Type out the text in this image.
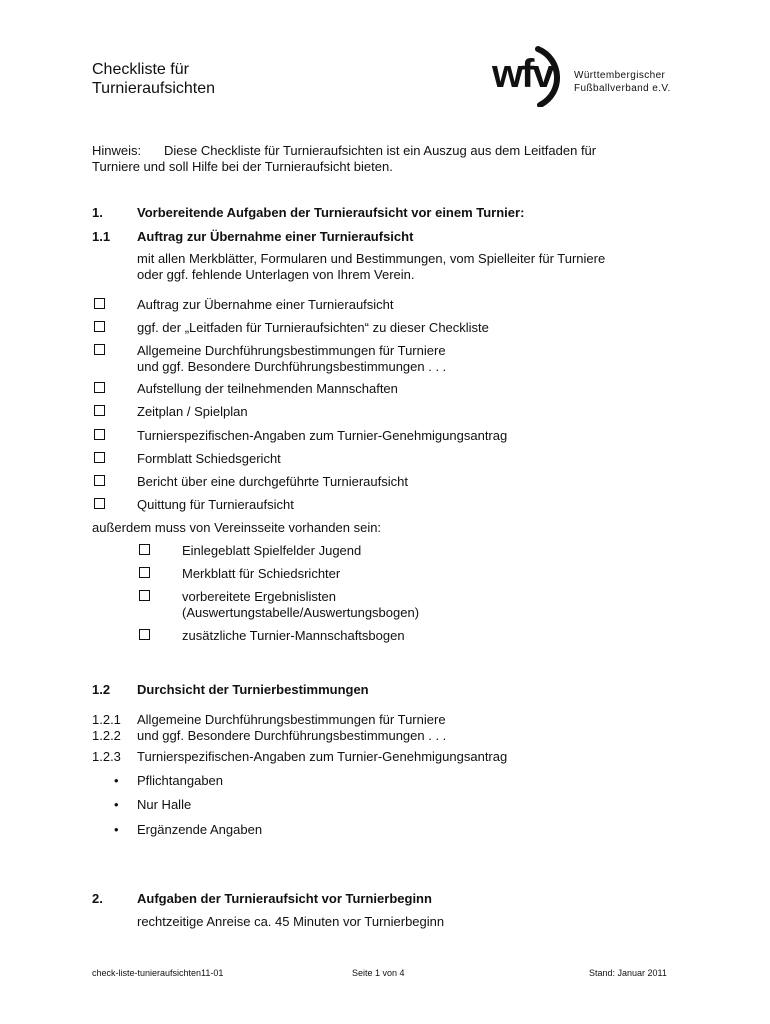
Checkliste für
Turnieraufsichten	wfv Württembergischer
Fußballverband e.V.
Hinweis: Diese Checkliste für Turnieraufsichten ist ein Auszug aus dem Leitfaden für
Turniere und soll Hilfe bei der Turnieraufsicht bieten.
1.	Vorbereitende Aufgaben der Turnieraufsicht vor einem Turnier:
1.1 Auftrag zur Übernahme einer Turnieraufsicht
mit allen Merkblätter, Formularen und Bestimmungen, vom Spielleiter für Turniere
oder ggf. fehlende Unterlagen von Ihrem Verein.
Auftrag zur Übernahme einer Turnieraufsicht
ggf. der „Leitfaden für Turnieraufsichten“ zu dieser Checkliste
Allgemeine Durchführungsbestimmungen für Turniere
und ggf. Besondere Durchführungsbestimmungen . . .
Aufstellung der teilnehmenden Mannschaften
Zeitplan / Spielplan
Turnierspezifischen-Angaben zum Turnier-Genehmigungsantrag
Formblatt Schiedsgericht
Bericht über eine durchgeführte Turnieraufsicht
Quittung für Turnieraufsicht
außerdem muss von Vereinsseite vorhanden sein:
Einlegeblatt Spielfelder Jugend
Merkblatt für Schiedsrichter
vorbereitete Ergebnislisten
(Auswertungstabelle/Auswertungsbogen)
zusätzliche Turnier-Mannschaftsbogen
1.2 Durchsicht der Turnierbestimmungen
1.2.1 Allgemeine Durchführungsbestimmungen für Turniere
1.2.2 und ggf. Besondere Durchführungsbestimmungen . . .
1.2.3 Turnierspezifischen-Angaben zum Turnier-Genehmigungsantrag
• Pflichtangaben
• Nur Halle
• Ergänzende Angaben
2.	Aufgaben der Turnieraufsicht vor Turnierbeginn
rechtzeitige Anreise ca. 45 Minuten vor Turnierbeginn
check-liste-tunieraufsichten11-01	Seite 1 von 4	Stand: Januar 2011
